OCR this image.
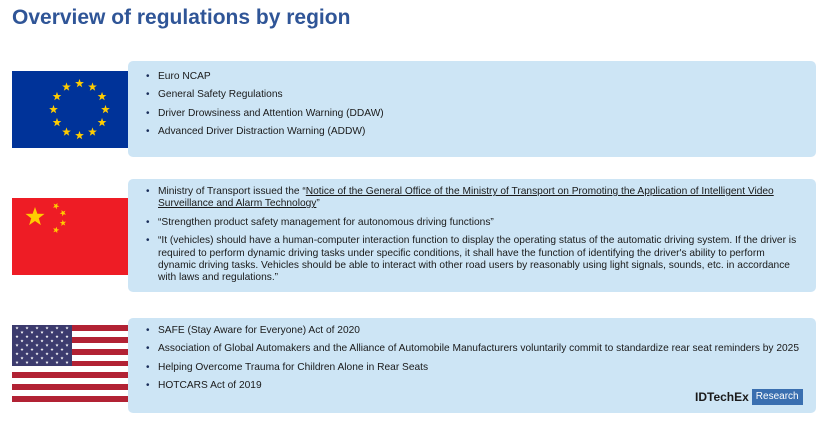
Overview of regulations by region
• Euro NCAP
• General Safety Regulations
• Driver Drowsiness and Attention Warning (DDAW)
• Advanced Driver Distraction Warning (ADDW)
• Ministry of Transport issued the “Notice of the General Office of the Ministry of Transport on Promoting the Application of Intelligent Video Surveillance and Alarm Technology”
• “Strengthen product safety management for autonomous driving functions”
• “It (vehicles) should have a human-computer interaction function to display the operating status of the automatic driving system. If the driver is required to perform dynamic driving tasks under specific conditions, it shall have the function of identifying the driver's ability to perform dynamic driving tasks. Vehicles should be able to interact with other road users by reasonably using light signals, sounds, etc. in accordance with laws and regulations.”
• SAFE (Stay Aware for Everyone) Act of 2020
• Association of Global Automakers and the Alliance of Automobile Manufacturers voluntarily commit to standardize rear seat reminders by 2025
• Helping Overcome Trauma for Children Alone in Rear Seats
• HOTCARS Act of 2019
IDTechEx Research
